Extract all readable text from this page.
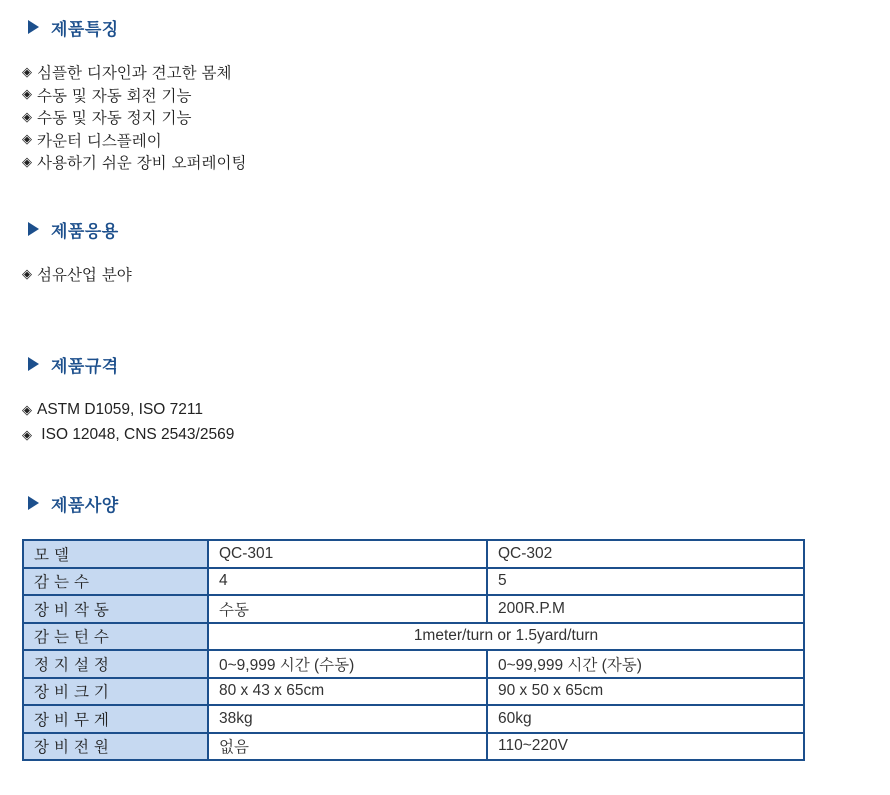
제품특징
◈ 심플한 디자인과 견고한 몸체
◈ 수동 및 자동 회전 기능
◈ 수동 및 자동 정지 기능
◈ 카운터 디스플레이
◈ 사용하기 쉬운 장비 오퍼레이팅
제품응용
◈ 섬유산업 분야
제품규격
◈ ASTM D1059, ISO 7211
◈ ISO 12048, CNS 2543/2569
제품사양
모델	QC-301	QC-302
감는수	4	5
장비작동	수동	200R.P.M
감는턴수	1meter/turn or 1.5yard/turn	
정지설정	0~9,999 시간 (수동)	0~99,999 시간 (자동)
장비크기	80 x 43 x 65cm	90 x 50 x 65cm
장비무게	38kg	60kg
장비전원	없음	110~220V
